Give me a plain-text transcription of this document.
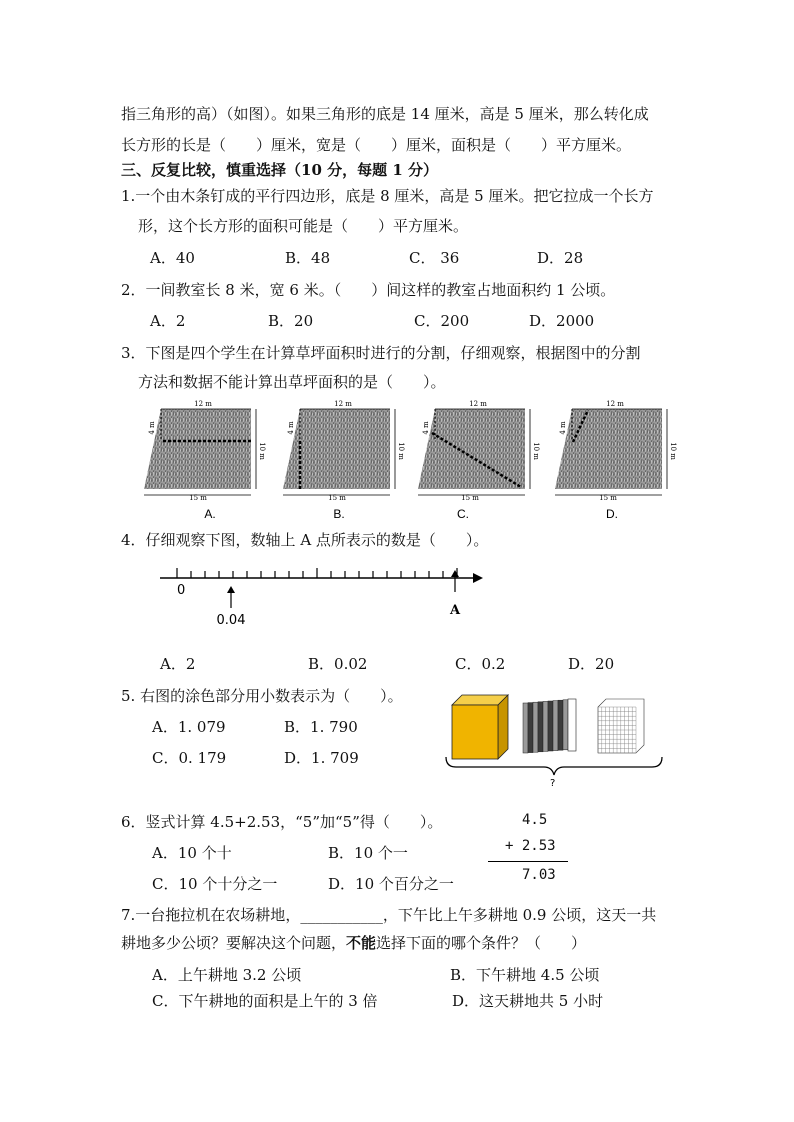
指三角形的高）（如图）。如果三角形的底是 14 厘米，高是 5 厘米，那么转化成
长方形的长是（　　）厘米，宽是（　　）厘米，面积是（　　）平方厘米。
三、反复比较，慎重选择（10 分，每题 1 分）
1.一个由木条钉成的平行四边形，底是 8 厘米，高是 5 厘米。把它拉成一个长方
形，这个长方形的面积可能是（　　）平方厘米。
A．40	B．48	C． 36	D．28
2．一间教室长 8 米，宽 6 米。（　　）间这样的教室占地面积约 1 公顷。
A．2	B．20	C．200	D．2000
3．下图是四个学生在计算草坪面积时进行的分割，仔细观察，根据图中的分割
方法和数据不能计算出草坪面积的是（　　）。
12 m
4 m
10 m
15 m
A.
12 m
4 m
10 m
15 m
B.
12 m
4 m
10 m
15 m
C.
12 m
4 m
10 m
15 m
D.
4．仔细观察下图，数轴上 A 点所表示的数是（　　）。
0
0.04
A
A．2	B．0.02	C．0.2	D．20
5. 右图的涂色部分用小数表示为（　　）。
A．1. 079	B．1. 790
C．0. 179	D．1. 709
?
6．竖式计算 4.5+2.53，“5”加“5”得（　　）。
A．10 个十	B．10 个一
C．10 个十分之一	D．10 个百分之一
4.5
+ 2.53
7.03
7.一台拖拉机在农场耕地，___________，下午比上午多耕地 0.9 公顷，这天一共
耕地多少公顷？要解决这个问题，不能选择下面的哪个条件？（　　）
A．上午耕地 3.2 公顷	B．下午耕地 4.5 公顷
C．下午耕地的面积是上午的 3 倍	D．这天耕地共 5 小时
